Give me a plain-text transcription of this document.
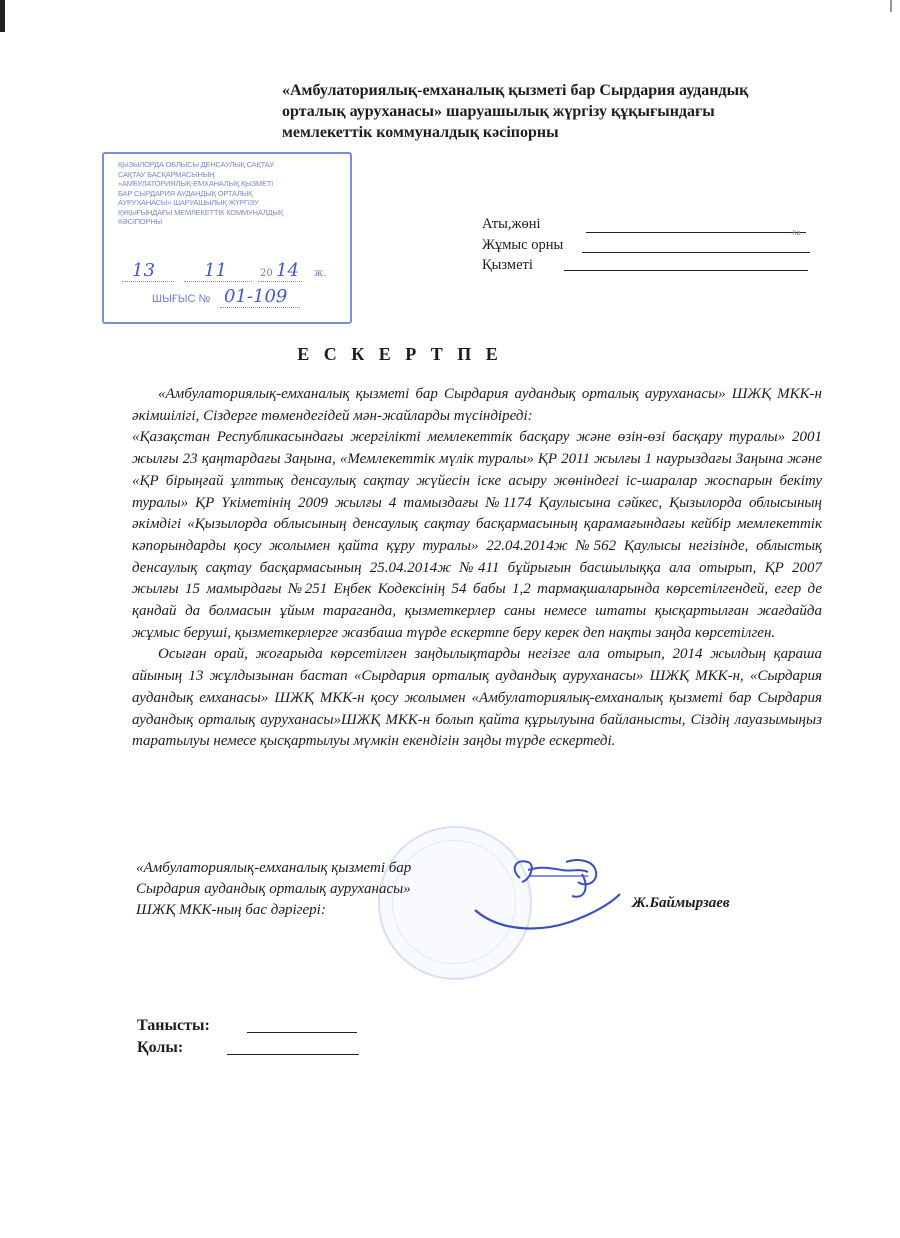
«Амбулаториялық-емханалық қызметі бар Сырдария аудандық
орталық ауруханасы» шаруашылық жүргізу құқығындағы
мемлекеттік коммуналдық кәсіпорны
ҚЫЗЫЛОРДА ОБЛЫСЫ ДЕНСАУЛЫҚ САҚТАУ
САҚТАУ БАСҚАРМАСЫНЫҢ
«АМБУЛАТОРИЯЛЫҚ-ЕМХАНАЛЫҚ ҚЫЗМЕТІ
БАР СЫРДАРИЯ АУДАНДЫҚ ОРТАЛЫҚ
АУРУХАНАСЫ» ШАРУАШЫЛЫҚ ЖҮРГІЗУ
ҚҰҚЫҒЫНДАҒЫ МЕМЛЕКЕТТІК КОММУНАЛДЫҚ
КӘСІПОРНЫ
13	11	20 14 ж.
ШЫҒЫС № 01-109
Аты,жөні
· · Ка ·
Жұмыс орны
Қызметі
Е С К Е Р Т П Е

«Амбулаториялық-емханалық қызметі бар Сырдария аудандық орталық ауруханасы» ШЖҚ МКК-н әкімшілігі, Сіздерге төмендегідей мән-жайларды түсіндіреді:

«Қазақстан Республикасындағы жергілікті мемлекеттік басқару және өзін-өзі басқару туралы» 2001 жылғы 23 қаңтардағы Заңына, «Мемлекеттік мүлік туралы» ҚР 2011 жылғы 1 наурыздағы Заңына және «ҚР бірыңғай ұлттық денсаулық сақтау жүйесін іске асыру жөніндегі іс-шаралар жоспарын бекіту туралы» ҚР Үкіметінің 2009 жылғы 4 тамыздағы №1174 Қаулысына сәйкес, Қызылорда облысының әкімдігі «Қызылорда облысының денсаулық сақтау басқармасының қарамағындағы кейбір мемлекеттік кәпорындарды қосу жолымен қайта құру туралы» 22.04.2014ж №562 Қаулысы негізінде, облыстық денсаулық сақтау басқармасының 25.04.2014ж №411 бұйрығын басшылыққа ала отырып, ҚР 2007 жылғы 15 мамырдағы №251 Еңбек Кодексінің 54 бабы 1,2 тармақшаларында көрсетілгендей, егер де қандай да болмасын ұйым тараганда, қызметкерлер саны немесе штаты қысқартылған жағдайда жұмыс беруші, қызметкерлерге жазбаша түрде ескертпе беру керек деп нақты заңда көрсетілген.

Осыған орай, жоғарыда көрсетілген заңдылықтарды негізге ала отырып, 2014 жылдың қараша айының 13 жұлдызынан бастап «Сырдария орталық аудандық ауруханасы» ШЖҚ МКК-н, «Сырдария аудандық емханасы» ШЖҚ МКК-н қосу жолымен «Амбулаториялық-емханалық қызметі бар Сырдария аудандық орталық ауруханасы»ШЖҚ МКК-н болып қайта құрылуына байланысты, Сіздің лауазымыңыз таратылуы немесе қысқартылуы мүмкін екендігін заңды түрде ескертеді.

«Амбулаториялық-емханалық қызметі бар
Сырдария аудандық орталық ауруханасы»
ШЖҚ МКК-ның бас дәрігері:	Ж.Баймырзаев
Танысты:
Қолы:
